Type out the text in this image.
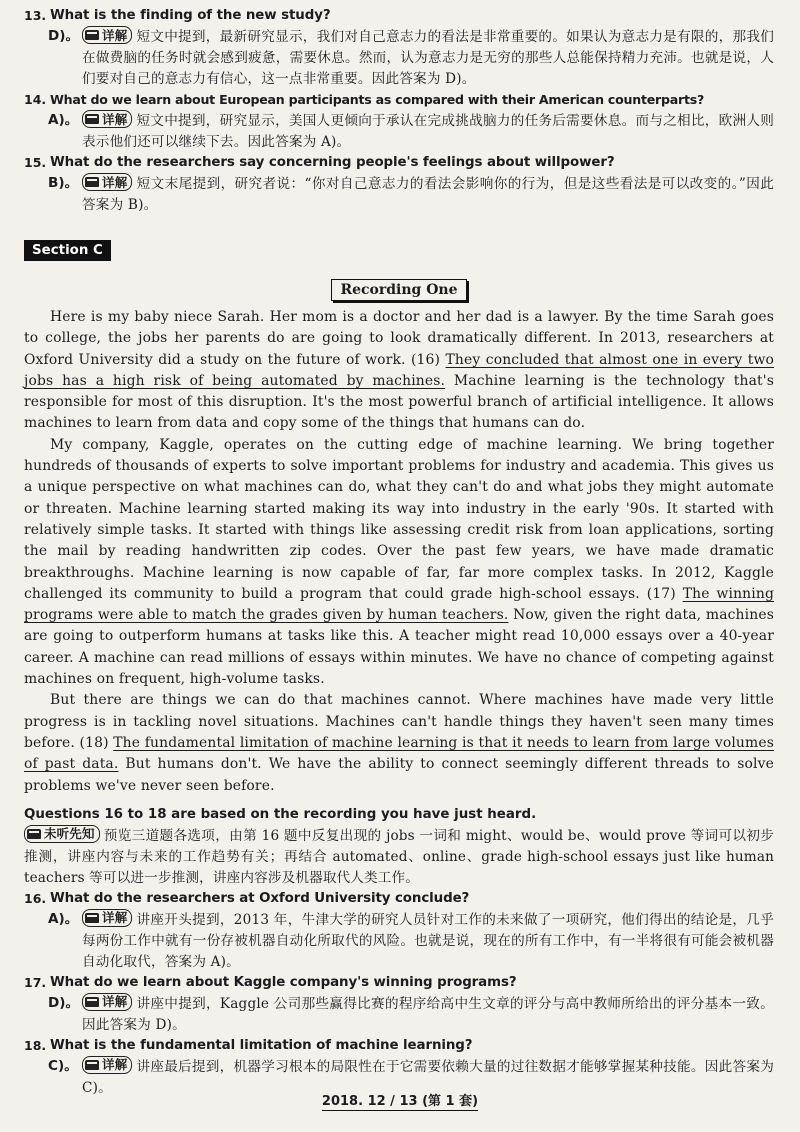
13. What is the finding of the new study?
D)。 详解 短文中提到，最新研究显示，我们对自己意志力的看法是非常重要的。如果认为意志力是有限的，那我们在做费脑的任务时就会感到疲惫，需要休息。然而，认为意志力是无穷的那些人总能保持精力充沛。也就是说，人们要对自己的意志力有信心，这一点非常重要。因此答案为 D)。
14. What do we learn about European participants as compared with their American counterparts?
A)。 详解 短文中提到，研究显示，美国人更倾向于承认在完成挑战脑力的任务后需要休息。而与之相比，欧洲人则表示他们还可以继续下去。因此答案为 A)。
15. What do the researchers say concerning people's feelings about willpower?
B)。	详解 短文末尾提到，研究者说：“你对自己意志力的看法会影响你的行为，但是这些看法是可以改变的。”因此答案为 B)。
Section C
Recording One

Here is my baby niece Sarah. Her mom is a doctor and her dad is a lawyer. By the time Sarah goes to college, the jobs her parents do are going to look dramatically different. In 2013, researchers at Oxford University did a study on the future of work. (16) They concluded that almost one in every two jobs has a high risk of being automated by machines. Machine learning is the technology that's responsible for most of this disruption. It's the most powerful branch of artificial intelligence. It allows machines to learn from data and copy some of the things that humans can do.

My company, Kaggle, operates on the cutting edge of machine learning. We bring together hundreds of thousands of experts to solve important problems for industry and academia. This gives us a unique perspective on what machines can do, what they can't do and what jobs they might automate or threaten. Machine learning started making its way into industry in the early '90s. It started with relatively simple tasks. It started with things like assessing credit risk from loan applications, sorting the mail by reading handwritten zip codes. Over the past few years, we have made dramatic breakthroughs. Machine learning is now capable of far, far more complex tasks. In 2012, Kaggle challenged its community to build a program that could grade high-school essays. (17) The winning programs were able to match the grades given by human teachers. Now, given the right data, machines are going to outperform humans at tasks like this. A teacher might read 10,000 essays over a 40-year career. A machine can read millions of essays within minutes. We have no chance of competing against machines on frequent, high-volume tasks.

But there are things we can do that machines cannot. Where machines have made very little progress is in tackling novel situations. Machines can't handle things they haven't seen many times before. (18) The fundamental limitation of machine learning is that it needs to learn from large volumes of past data. But humans don't. We have the ability to connect seemingly different threads to solve problems we've never seen before.

Questions 16 to 18 are based on the recording you have just heard.
未听先知 预览三道题各选项，由第 16 题中反复出现的 jobs 一词和 might、would be、would prove 等词可以初步推测，讲座内容与未来的工作趋势有关；再结合 automated、online、grade high-school essays just like human teachers 等可以进一步推测，讲座内容涉及机器取代人类工作。
16. What do the researchers at Oxford University conclude?
A)。 详解 讲座开头提到，2013 年，牛津大学的研究人员针对工作的未来做了一项研究，他们得出的结论是，几乎每两份工作中就有一份存被机器自动化所取代的风险。也就是说，现在的所有工作中，有一半将很有可能会被机器自动化取代，答案为 A)。
17. What do we learn about Kaggle company's winning programs?
D)。 详解 讲座中提到，Kaggle 公司那些赢得比赛的程序给高中生文章的评分与高中教师所给出的评分基本一致。因此答案为 D)。
18. What is the fundamental limitation of machine learning?
C)。	详解 讲座最后提到，机器学习根本的局限性在于它需要依赖大量的过往数据才能够掌握某种技能。因此答案为 C)。
2018. 12 / 13 (第 1 套)
